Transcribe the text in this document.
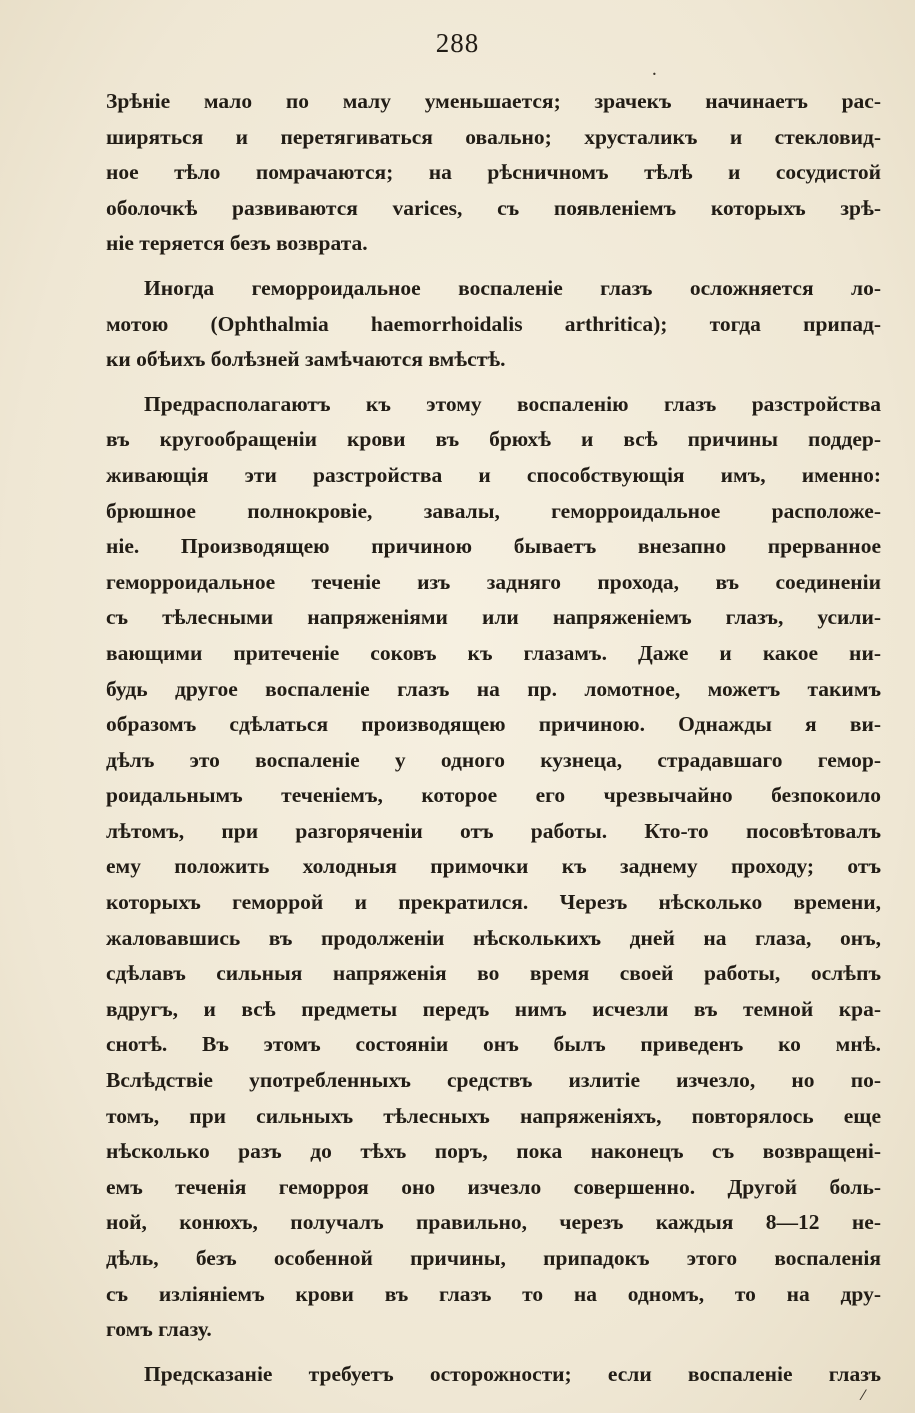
288
•
⁄
Зрѣніе мало по малу уменьшается; зрачекъ начинаетъ рас-
ширяться и перетягиваться овально; хрусталикъ и стекловид-
ное тѣло помрачаются; на рѣсничномъ тѣлѣ и сосудистой
оболочкѣ развиваются varices, съ появленіемъ которыхъ зрѣ-
ніе теряется безъ возврата.
Иногда геморроидальное воспаленіе глазъ осложняется ло-
мотою (Ophthalmia haemorrhoidalis arthritica); тогда припад-
ки обѣихъ болѣзней замѣчаются вмѣстѣ.
Предрасполагаютъ къ этому воспаленію глазъ разстройства
въ кругообращеніи крови въ брюхѣ и всѣ причины поддер-
живающія эти разстройства и способствующія имъ, именно:
брюшное полнокровіе, завалы, геморроидальное расположе-
ніе. Производящею причиною бываетъ внезапно прерванное
геморроидальное теченіе изъ задняго прохода, въ соединеніи
съ тѣлесными напряженіями или напряженіемъ глазъ, усили-
вающими притеченіе соковъ къ глазамъ. Даже и какое ни-
будь другое воспаленіе глазъ на пр. ломотное, можетъ такимъ
образомъ сдѣлаться производящею причиною. Однажды я ви-
дѣлъ это воспаленіе у одного кузнеца, страдавшаго гемор-
роидальнымъ теченіемъ, которое его чрезвычайно безпокоило
лѣтомъ, при разгоряченіи отъ работы. Кто-то посовѣтовалъ
ему положить холодныя примочки къ заднему проходу; отъ
которыхъ геморрой и прекратился. Черезъ нѣсколько времени,
жаловавшись въ продолженіи нѣсколькихъ дней на глаза, онъ,
сдѣлавъ сильныя напряженія во время своей работы, ослѣпъ
вдругъ, и всѣ предметы передъ нимъ исчезли въ темной кра-
снотѣ. Въ этомъ состояніи онъ былъ приведенъ ко мнѣ.
Вслѣдствіе употребленныхъ средствъ излитіе изчезло, но по-
томъ, при сильныхъ тѣлесныхъ напряженіяхъ, повторялось еще
нѣсколько разъ до тѣхъ поръ, пока наконецъ съ возвращені-
емъ теченія геморроя оно изчезло совершенно. Другой боль-
ной, конюхъ, получалъ правильно, черезъ каждыя 8—12 не-
дѣль, безъ особенной причины, припадокъ этого воспаленія
съ изліяніемъ крови въ глазъ то на одномъ, то на дру-
гомъ глазу.
Предсказаніе требуетъ осторожности; если воспаленіе глазъ
